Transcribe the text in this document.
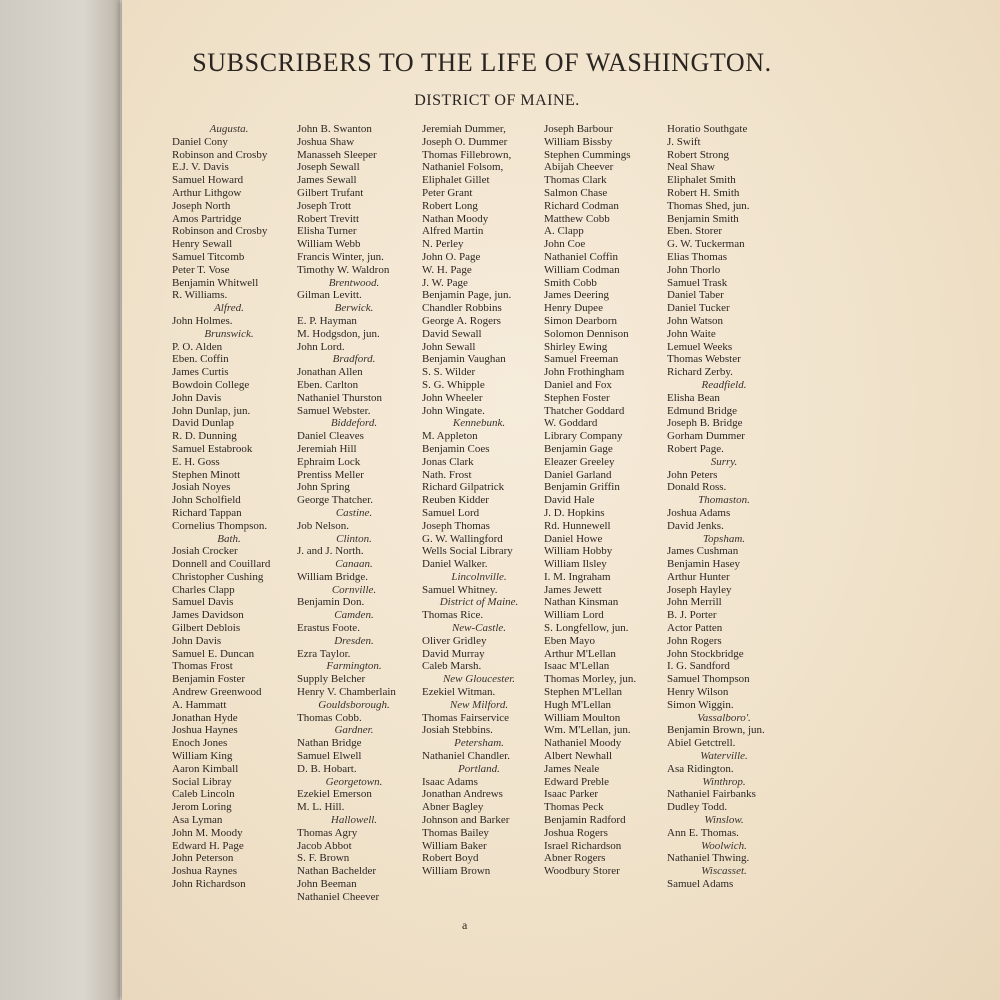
SUBSCRIBERS TO THE LIFE OF WASHINGTON.
DISTRICT OF MAINE.
Augusta.
Daniel Cony
Robinson and Crosby
E.J. V. Davis
Samuel Howard
Arthur Lithgow
Joseph North
Amos Partridge
Robinson and Crosby
Henry Sewall
Samuel Titcomb
Peter T. Vose
Benjamin Whitwell
R. Williams.
Alfred.
John Holmes.
Brunswick.
P. O. Alden
Eben. Coffin
James Curtis
Bowdoin College
John Davis
John Dunlap, jun.
David Dunlap
R. D. Dunning
Samuel Estabrook
E. H. Goss
Stephen Minott
Josiah Noyes
John Scholfield
Richard Tappan
Cornelius Thompson.
Bath.
Josiah Crocker
Donnell and Couillard
Christopher Cushing
Charles Clapp
Samuel Davis
James Davidson
Gilbert Deblois
John Davis
Samuel E. Duncan
Thomas Frost
Benjamin Foster
Andrew Greenwood
A. Hammatt
Jonathan Hyde
Joshua Haynes
Enoch Jones
William King
Aaron Kimball
Social Libray
Caleb Lincoln
Jerom Loring
Asa Lyman
John M. Moody
Edward H. Page
John Peterson
Joshua Raynes
John Richardson
John B. Swanton
Joshua Shaw
Manasseh Sleeper
Joseph Sewall
James Sewall
Gilbert Trufant
Joseph Trott
Robert Trevitt
Elisha Turner
William Webb
Francis Winter, jun.
Timothy W. Waldron
Brentwood.
Gilman Levitt.
Berwick.
E. P. Hayman
M. Hodgsdon, jun.
John Lord.
Bradford.
Jonathan Allen
Eben. Carlton
Nathaniel Thurston
Samuel Webster.
Biddeford.
Daniel Cleaves
Jeremiah Hill
Ephraim Lock
Prentiss Meller
John Spring
George Thatcher.
Castine.
Job Nelson.
Clinton.
J. and J. North.
Canaan.
William Bridge.
Cornville.
Benjamin Don.
Camden.
Erastus Foote.
Dresden.
Ezra Taylor.
Farmington.
Supply Belcher
Henry V. Chamberlain
Gouldsborough.
Thomas Cobb.
Gardner.
Nathan Bridge
Samuel Elwell
D. B. Hobart.
Georgetown.
Ezekiel Emerson
M. L. Hill.
Hallowell.
Thomas Agry
Jacob Abbot
S. F. Brown
Nathan Bachelder
John Beeman
Nathaniel Cheever
Jeremiah Dummer,
Joseph O. Dummer
Thomas Fillebrown,
Nathaniel Folsom,
Eliphalet Gillet
Peter Grant
Robert Long
Nathan Moody
Alfred Martin
N. Perley
John O. Page
W. H. Page
J. W. Page
Benjamin Page, jun.
Chandler Robbins
George A. Rogers
David Sewall
John Sewall
Benjamin Vaughan
S. S. Wilder
S. G. Whipple
John Wheeler
John Wingate.
Kennebunk.
M. Appleton
Benjamin Coes
Jonas Clark
Nath. Frost
Richard Gilpatrick
Reuben Kidder
Samuel Lord
Joseph Thomas
G. W. Wallingford
Wells Social Library
Daniel Walker.
Lincolnville.
Samuel Whitney.
District of Maine.
Thomas Rice.
New-Castle.
Oliver Gridley
David Murray
Caleb Marsh.
New Gloucester.
Ezekiel Witman.
New Milford.
Thomas Fairservice
Josiah Stebbins.
Petersham.
Nathaniel Chandler.
Portland.
Isaac Adams
Jonathan Andrews
Abner Bagley
Johnson and Barker
Thomas Bailey
William Baker
Robert Boyd
William Brown
Joseph Barbour
William Bissby
Stephen Cummings
Abijah Cheever
Thomas Clark
Salmon Chase
Richard Codman
Matthew Cobb
A. Clapp
John Coe
Nathaniel Coffin
William Codman
Smith Cobb
James Deering
Henry Dupee
Simon Dearborn
Solomon Dennison
Shirley Ewing
Samuel Freeman
John Frothingham
Daniel and Fox
Stephen Foster
Thatcher Goddard
W. Goddard
Library Company
Benjamin Gage
Eleazer Greeley
Daniel Garland
Benjamin Griffin
David Hale
J. D. Hopkins
Rd. Hunnewell
Daniel Howe
William Hobby
William Ilsley
I. M. Ingraham
James Jewett
Nathan Kinsman
William Lord
S. Longfellow, jun.
Eben Mayo
Arthur M'Lellan
Isaac M'Lellan
Thomas Morley, jun.
Stephen M'Lellan
Hugh M'Lellan
William Moulton
Wm. M'Lellan, jun.
Nathaniel Moody
Albert Newhall
James Neale
Edward Preble
Isaac Parker
Thomas Peck
Benjamin Radford
Joshua Rogers
Israel Richardson
Abner Rogers
Woodbury Storer
Horatio Southgate
J. Swift
Robert Strong
Neal Shaw
Eliphalet Smith
Robert H. Smith
Thomas Shed, jun.
Benjamin Smith
Eben. Storer
G. W. Tuckerman
Elias Thomas
John Thorlo
Samuel Trask
Daniel Taber
Daniel Tucker
John Watson
John Waite
Lemuel Weeks
Thomas Webster
Richard Zerby.
Readfield.
Elisha Bean
Edmund Bridge
Joseph B. Bridge
Gorham Dummer
Robert Page.
Surry.
John Peters
Donald Ross.
Thomaston.
Joshua Adams
David Jenks.
Topsham.
James Cushman
Benjamin Hasey
Arthur Hunter
Joseph Hayley
John Merrill
B. J. Porter
Actor Patten
John Rogers
John Stockbridge
I. G. Sandford
Samuel Thompson
Henry Wilson
Simon Wiggin.
Vassalboro'.
Benjamin Brown, jun.
Abiel Getctrell.
Waterville.
Asa Ridington.
Winthrop.
Nathaniel Fairbanks
Dudley Todd.
Winslow.
Ann E. Thomas.
Woolwich.
Nathaniel Thwing.
Wiscasset.
Samuel Adams
a
